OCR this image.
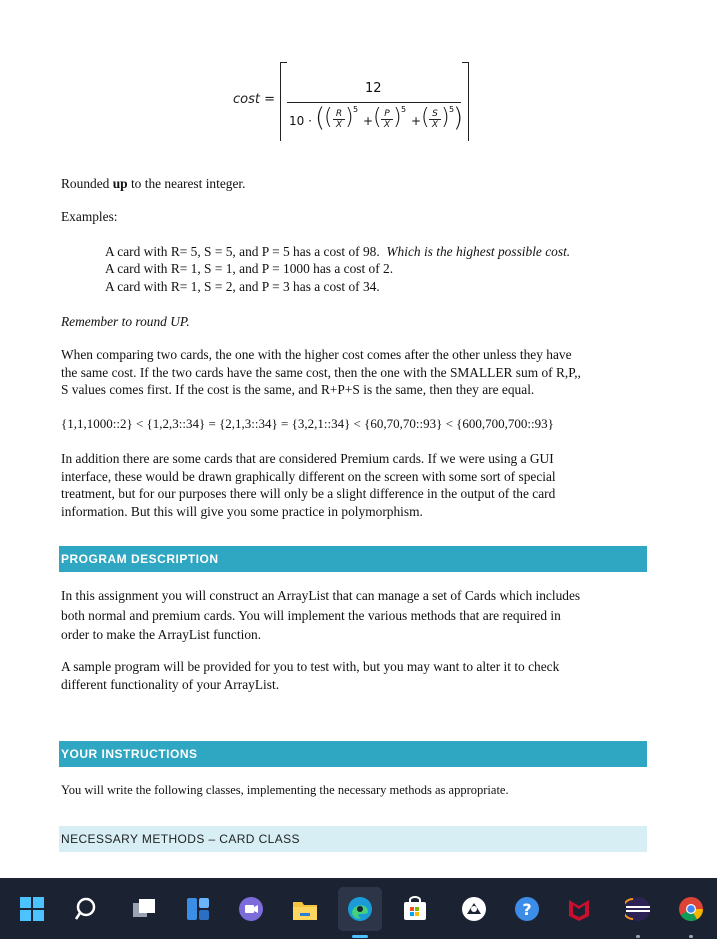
cost =
12
10 · (
( $\frac{R}{X}$ ) 5
+ ( $\frac{P}{X}$ ) 5
+ ( $\frac{S}{X}$ ) 5
)
Rounded up to the nearest integer.
Examples:
A card with R= 5, S = 5, and P = 5 has a cost of 98. Which is the highest possible cost.
A card with R= 1, S = 1, and P = 1000 has a cost of 2.
A card with R= 1, S = 2, and P = 3 has a cost of 34.
Remember to round UP.
When comparing two cards, the one with the higher cost comes after the other unless they have
the same cost. If the two cards have the same cost, then the one with the SMALLER sum of R,P,,
S values comes first. If the cost is the same, and R+P+S is the same, then they are equal.
{1,1,1000::2} < {1,2,3::34} = {2,1,3::34} = {3,2,1::34} < {60,70,70::93} < {600,700,700::93}
In addition there are some cards that are considered Premium cards. If we were using a GUI
interface, these would be drawn graphically different on the screen with some sort of special
treatment, but for our purposes there will only be a slight difference in the output of the card
information. But this will give you some practice in polymorphism.
PROGRAM DESCRIPTION
In this assignment you will construct an ArrayList that can manage a set of Cards which includes
both normal and premium cards. You will implement the various methods that are required in
order to make the ArrayList function.
A sample program will be provided for you to test with, but you may want to alter it to check
different functionality of your ArrayList.
YOUR INSTRUCTIONS
You will write the following classes, implementing the necessary methods as appropriate.
NECESSARY METHODS – CARD CLASS
?
